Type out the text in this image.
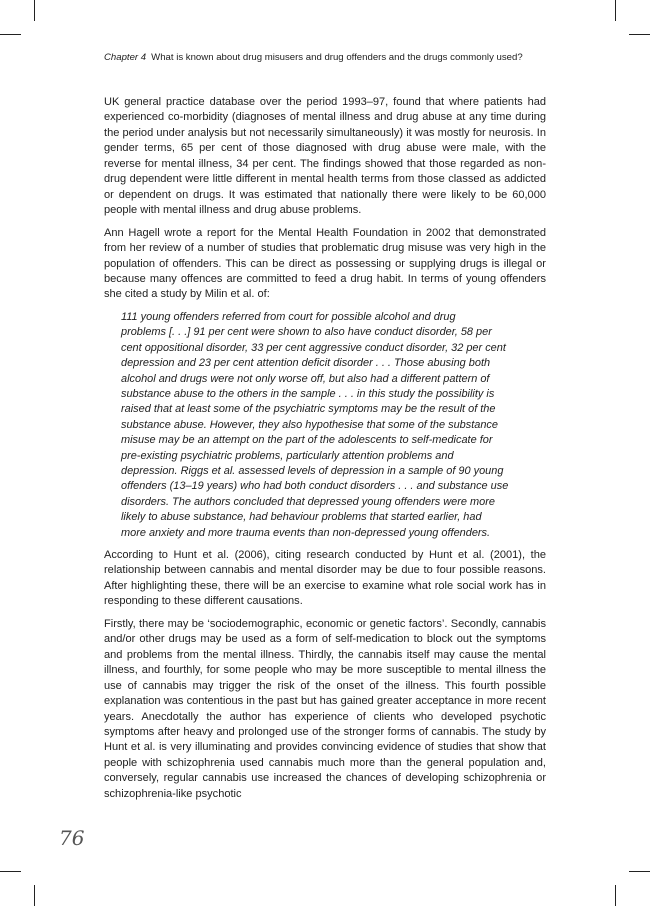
Chapter 4 What is known about drug misusers and drug offenders and the drugs commonly used?

UK general practice database over the period 1993–97, found that where patients had experienced co-morbidity (diagnoses of mental illness and drug abuse at any time during the period under analysis but not necessarily simultaneously) it was mostly for neurosis. In gender terms, 65 per cent of those diagnosed with drug abuse were male, with the reverse for mental illness, 34 per cent. The findings showed that those regarded as non-drug dependent were little different in mental health terms from those classed as addicted or dependent on drugs. It was estimated that nationally there were likely to be 60,000 people with mental illness and drug abuse problems.

Ann Hagell wrote a report for the Mental Health Foundation in 2002 that demonstrated from her review of a number of studies that problematic drug misuse was very high in the population of offenders. This can be direct as possessing or supplying drugs is illegal or because many offences are committed to feed a drug habit. In terms of young offenders she cited a study by Milin et al. of:

111 young offenders referred from court for possible alcohol and drug
problems [. . .] 91 per cent were shown to also have conduct disorder, 58 per
cent oppositional disorder, 33 per cent aggressive conduct disorder, 32 per cent
depression and 23 per cent attention deficit disorder . . . Those abusing both
alcohol and drugs were not only worse off, but also had a different pattern of
substance abuse to the others in the sample . . . in this study the possibility is
raised that at least some of the psychiatric symptoms may be the result of the
substance abuse. However, they also hypothesise that some of the substance
misuse may be an attempt on the part of the adolescents to self-medicate for
pre-existing psychiatric problems, particularly attention problems and
depression. Riggs et al. assessed levels of depression in a sample of 90 young
offenders (13–19 years) who had both conduct disorders . . . and substance use
disorders. The authors concluded that depressed young offenders were more
likely to abuse substance, had behaviour problems that started earlier, had
more anxiety and more trauma events than non-depressed young offenders.

According to Hunt et al. (2006), citing research conducted by Hunt et al. (2001), the relationship between cannabis and mental disorder may be due to four possible reasons. After highlighting these, there will be an exercise to examine what role social work has in responding to these different causations.

Firstly, there may be ‘sociodemographic, economic or genetic factors’. Secondly, cannabis and/or other drugs may be used as a form of self-medication to block out the symptoms and problems from the mental illness. Thirdly, the cannabis itself may cause the mental illness, and fourthly, for some people who may be more susceptible to mental illness the use of cannabis may trigger the risk of the onset of the illness. This fourth possible explanation was contentious in the past but has gained greater acceptance in more recent years. Anecdotally the author has experience of clients who developed psychotic symptoms after heavy and prolonged use of the stronger forms of cannabis. The study by Hunt et al. is very illuminating and provides convincing evidence of studies that show that people with schizophrenia used cannabis much more than the general population and, conversely, regular cannabis use increased the chances of developing schizophrenia or schizophrenia-like psychotic

76
